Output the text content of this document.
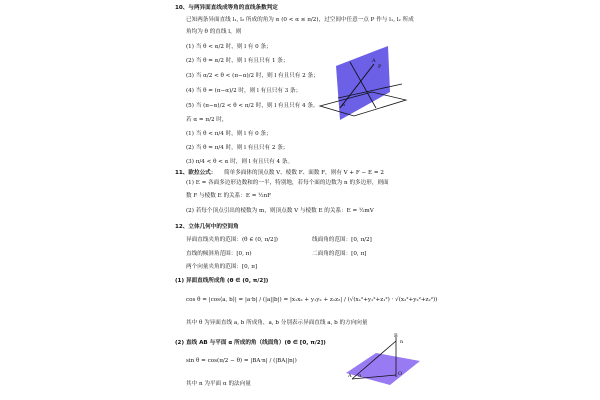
10、与两异面直线成等角的直线条数判定
已知两条异面直线 l₁, l₂ 所成的角为 α (0 < α ≤ π/2)，过空间中任意一点 P 作与 l₁, l₂ 所成
角均为 θ 的直线 l，则
(1) 当 θ < α/2 时，则 l 有 0 条；
(2) 当 θ = α/2 时，则 l 有且只有 1 条；
(3) 当 α/2 < θ < (π−α)/2 时，则 l 有且只有 2 条；
(4) 当 θ = (π−α)/2 时，则 l 有且只有 3 条；
(5) 当 (π−α)/2 < θ < π/2 时，则 l 有且只有 4 条。
若 α = π/2 时，
(1) 当 θ < π/4 时，则 l 有 0 条；
(2) 当 θ = π/4 时，则 l 有且只有 2 条；
(3) π/4 < θ < α 时，则 l 有且只有 4 条。
A
P
a
11、欧拉公式： 简单多面体的顶点数 V、棱数 F、面数 F，则有 V + F − E = 2
(1) E = 各面多边形边数和的一半，特别地，若每个面的边数为 n 的多边形，则面
数 F 与棱数 E 的关系：E = ½nF
(2) 若每个顶点引出的棱数为 m，则顶点数 V 与棱数 E 的关系：E = ½mV
12、立体几何中的空间角
异面直线夹角的范围：(θ ∈ (0, π/2])	线面角的范围：[0, π/2]
直线的倾斜角范围：[0, π)	二面角的范围：[0, π]
两个向量夹角的范围：[0, π]
(1) 异面直线所成角 (θ ∈ (0, π/2])
cos θ = |cos⟨a, b⟩| = |a·b| / (|a||b|) = |x₁x₂ + y₁y₂ + z₁z₂| / (√(x₁²+y₁²+z₁²) · √(x₂²+y₂²+z₂²))
其中 θ 为异面直线 a, b 所成角，a, b 分别表示异面直线 a, b 的方向向量
(2) 直线 AB 与平面 α 所成的角（线面角）(θ ∈ [0, π/2])
sin θ = cos(π/2 − θ) = |BA·n| / (|BA||n|)
其中 n 为平面 α 的法向量
B
n
A	O
α
